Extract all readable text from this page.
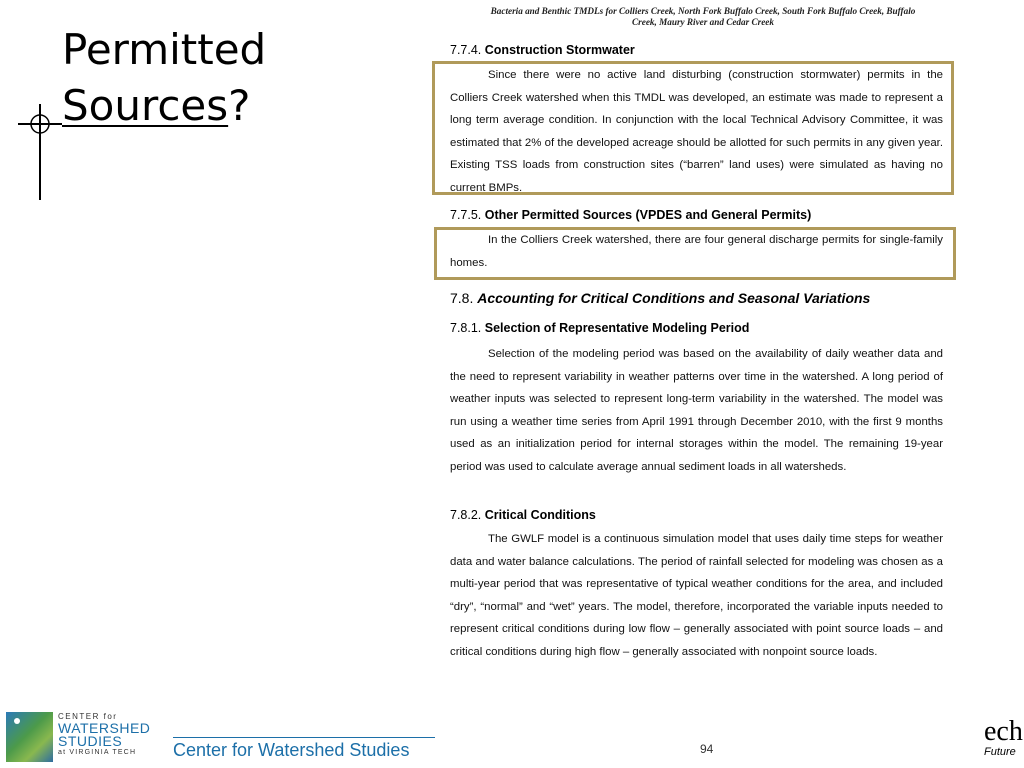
Permitted
Sources?
Bacteria and Benthic TMDLs for Colliers Creek, North Fork Buffalo Creek, South Fork Buffalo Creek, Buffalo
Creek, Maury River and Cedar Creek
7.7.4. Construction Stormwater
Since there were no active land disturbing (construction stormwater) permits in the Colliers Creek watershed when this TMDL was developed, an estimate was made to represent a long term average condition. In conjunction with the local Technical Advisory Committee, it was estimated that 2% of the developed acreage should be allotted for such permits in any given year. Existing TSS loads from construction sites (“barren” land uses) were simulated as having no current BMPs.
7.7.5. Other Permitted Sources (VPDES and General Permits)
In the Colliers Creek watershed, there are four general discharge permits for single-family homes.
7.8. Accounting for Critical Conditions and Seasonal Variations
7.8.1. Selection of Representative Modeling Period
Selection of the modeling period was based on the availability of daily weather data and the need to represent variability in weather patterns over time in the watershed. A long period of weather inputs was selected to represent long-term variability in the watershed. The model was run using a weather time series from April 1991 through December 2010, with the first 9 months used as an initialization period for internal storages within the model. The remaining 19-year period was used to calculate average annual sediment loads in all watersheds.
7.8.2. Critical Conditions
The GWLF model is a continuous simulation model that uses daily time steps for weather data and water balance calculations. The period of rainfall selected for modeling was chosen as a multi-year period that was representative of typical weather conditions for the area, and included “dry”, “normal” and “wet” years. The model, therefore, incorporated the variable inputs needed to represent critical conditions during low flow – generally associated with point source loads – and critical conditions during high flow – generally associated with nonpoint source loads.
CENTER for
WATERSHED
STUDIES
at VIRGINIA TECH	Center for Watershed Studies	94
ech
Future
